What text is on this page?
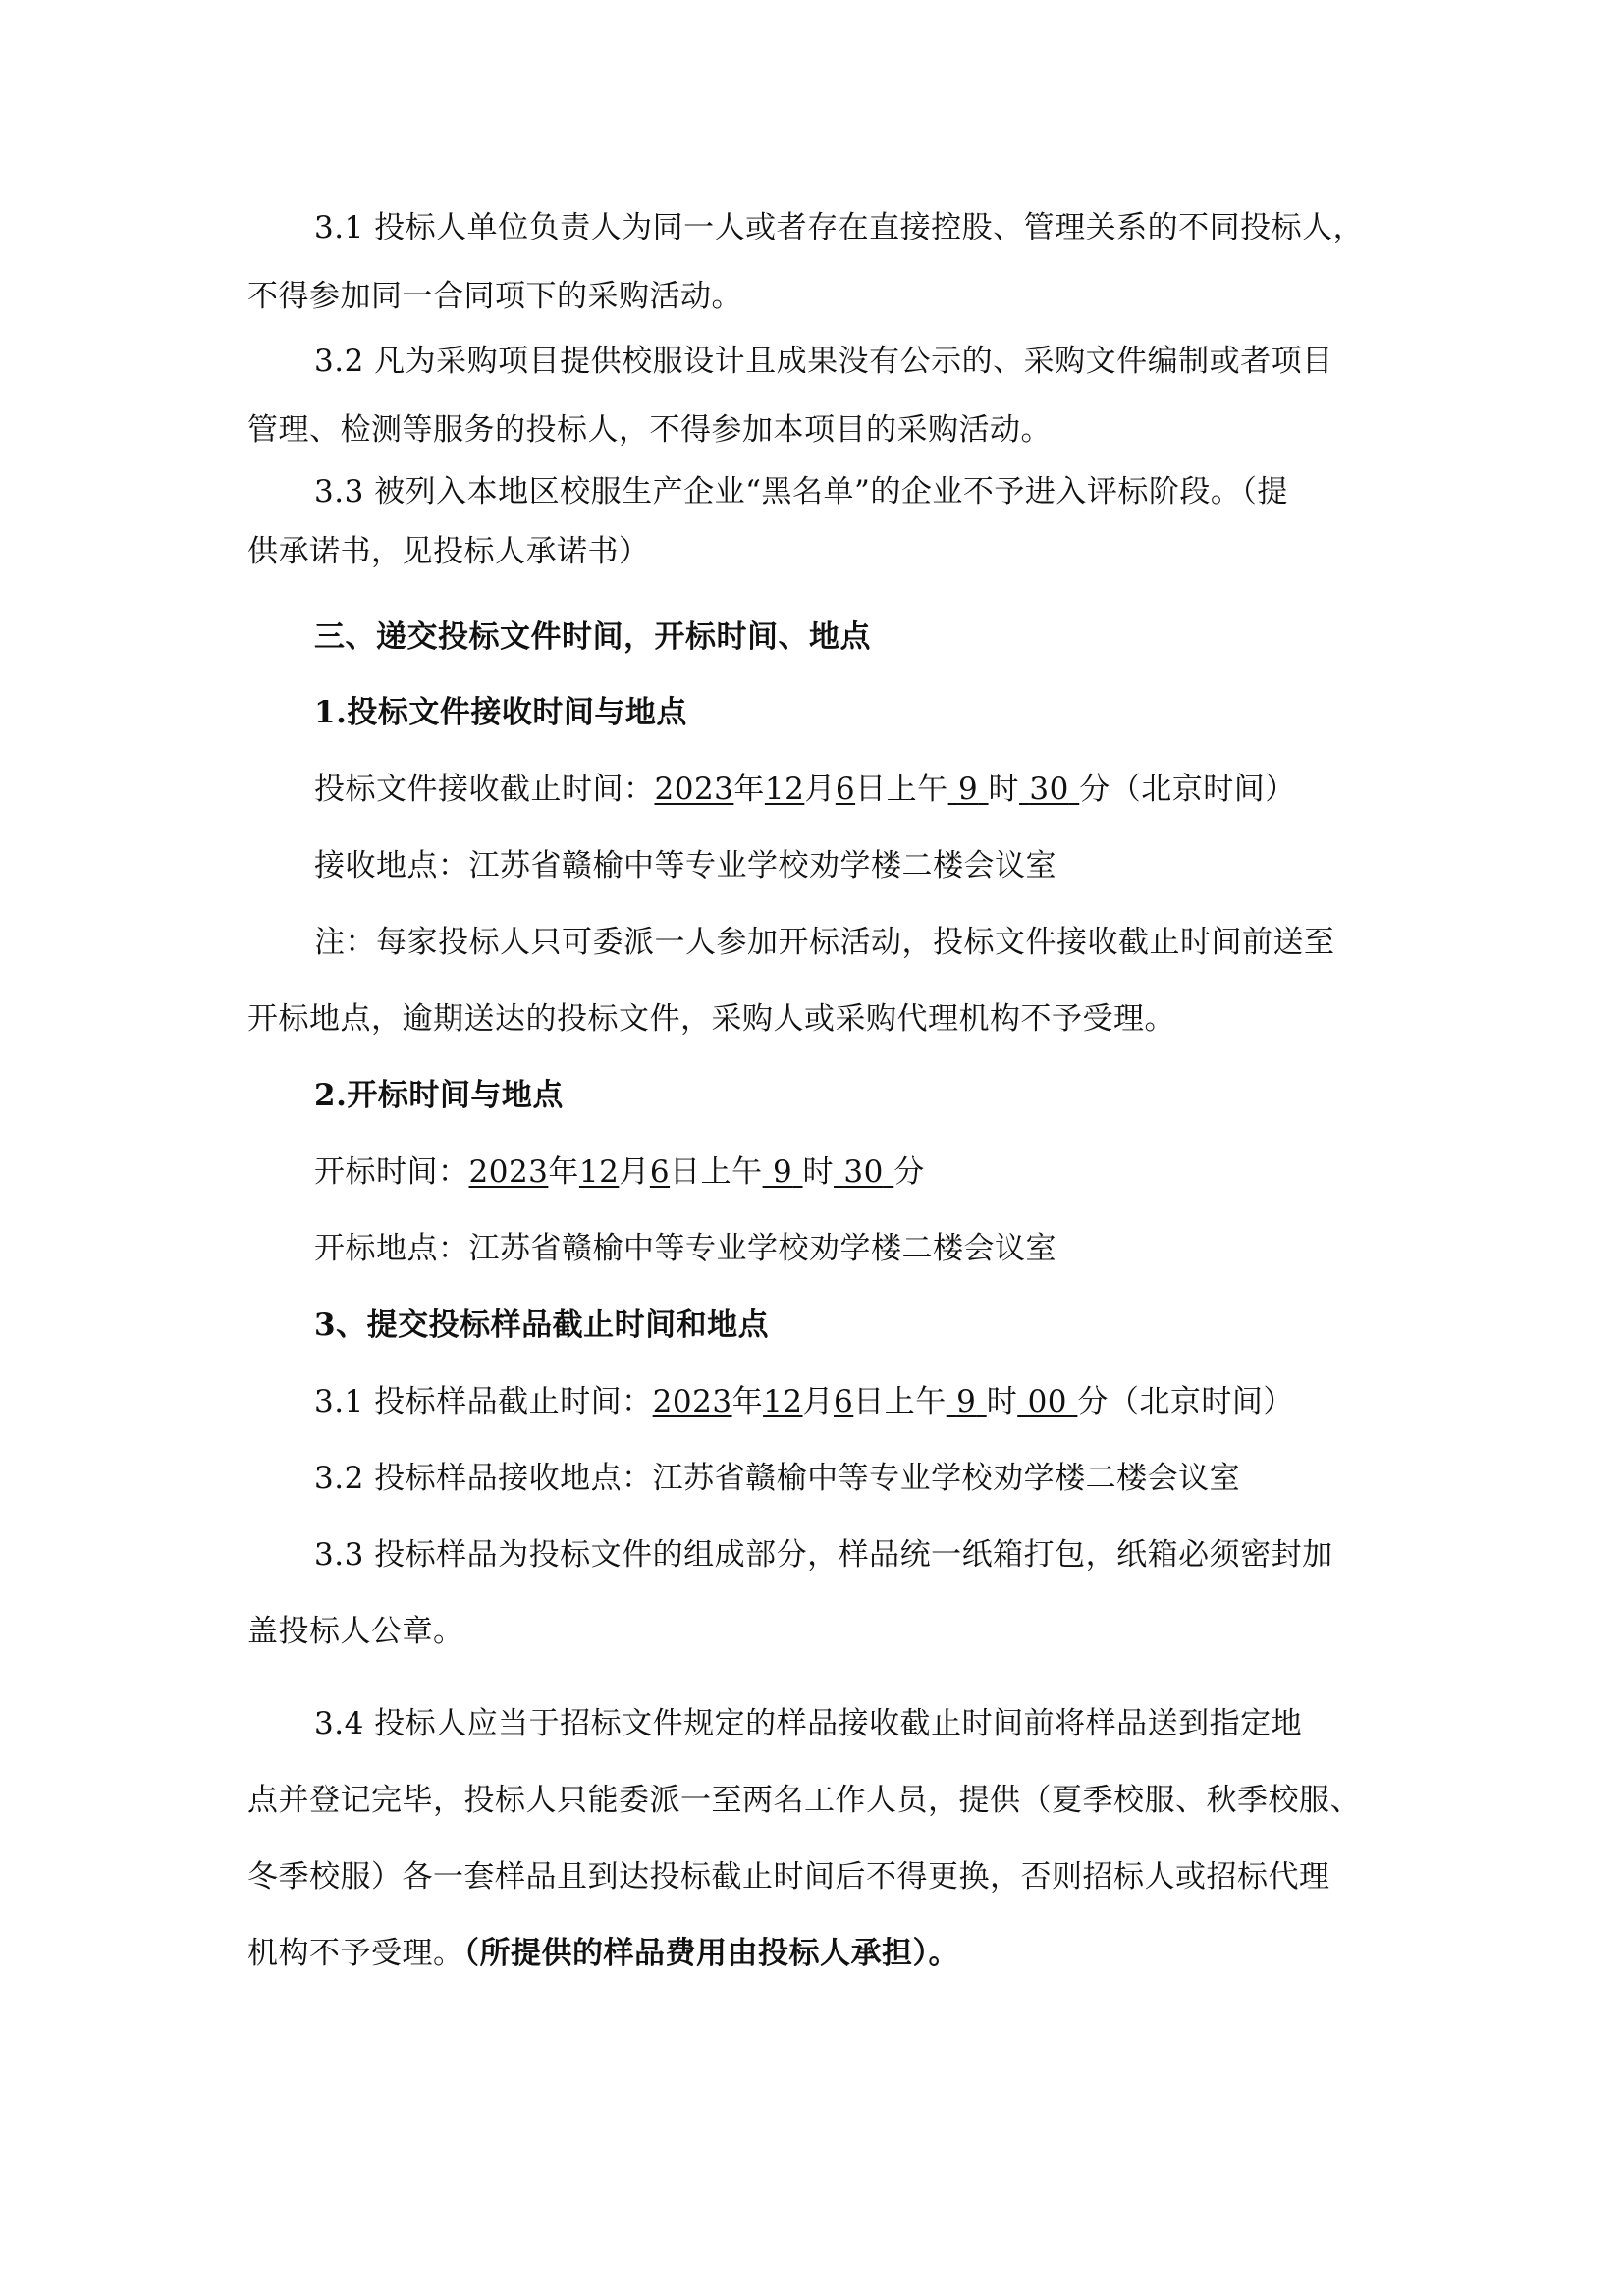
3.1 投标人单位负责人为同一人或者存在直接控股、管理关系的不同投标人，
不得参加同一合同项下的采购活动。
3.2 凡为采购项目提供校服设计且成果没有公示的、采购文件编制或者项目
管理、检测等服务的投标人，不得参加本项目的采购活动。
3.3 被列入本地区校服生产企业“黑名单”的企业不予进入评标阶段。（提
供承诺书，见投标人承诺书）
三、递交投标文件时间，开标时间、地点
1.投标文件接收时间与地点
投标文件接收截止时间：2023年12月6日上午 9 时 30 分（北京时间）
接收地点：江苏省赣榆中等专业学校劝学楼二楼会议室
注：每家投标人只可委派一人参加开标活动，投标文件接收截止时间前送至
开标地点，逾期送达的投标文件，采购人或采购代理机构不予受理。
2.开标时间与地点
开标时间：2023年12月6日上午 9 时 30 分
开标地点：江苏省赣榆中等专业学校劝学楼二楼会议室
3、提交投标样品截止时间和地点
3.1 投标样品截止时间：2023年12月6日上午 9 时 00 分（北京时间）
3.2 投标样品接收地点：江苏省赣榆中等专业学校劝学楼二楼会议室
3.3 投标样品为投标文件的组成部分，样品统一纸箱打包，纸箱必须密封加
盖投标人公章。
3.4 投标人应当于招标文件规定的样品接收截止时间前将样品送到指定地
点并登记完毕，投标人只能委派一至两名工作人员，提供（夏季校服、秋季校服、
冬季校服）各一套样品且到达投标截止时间后不得更换，否则招标人或招标代理
机构不予受理。（所提供的样品费用由投标人承担）。
